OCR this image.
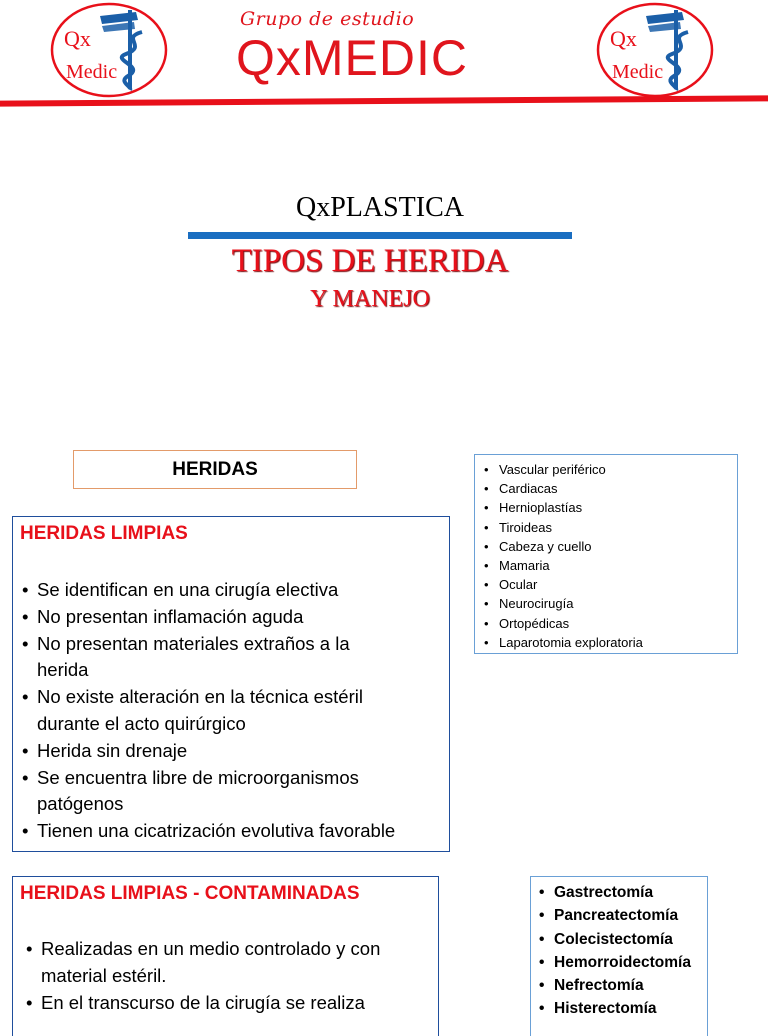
Qx
Medic
Qx
Medic
Grupo de estudio
QxMEDIC
QxPLASTICA
TIPOS DE HERIDA
Y MANEJO
HERIDAS
HERIDAS LIMPIAS
• Se identifican en una cirugía electiva
• No presentan inflamación aguda
• No presentan materiales extraños a la herida
• No existe alteración en la técnica estéril durante el acto quirúrgico
• Herida sin drenaje
• Se encuentra libre de microorganismos patógenos
• Tienen una cicatrización evolutiva favorable
• Vascular periférico
• Cardiacas
• Hernioplastías
• Tiroideas
• Cabeza y cuello
• Mamaria
• Ocular
• Neurocirugía
• Ortopédicas
• Laparotomia exploratoria
HERIDAS LIMPIAS - CONTAMINADAS
• Realizadas en un medio controlado y con material estéril.
• En el transcurso de la cirugía se realiza
• Gastrectomía
• Pancreatectomía
• Colecistectomía
• Hemorroidectomía
• Nefrectomía
• Histerectomía
